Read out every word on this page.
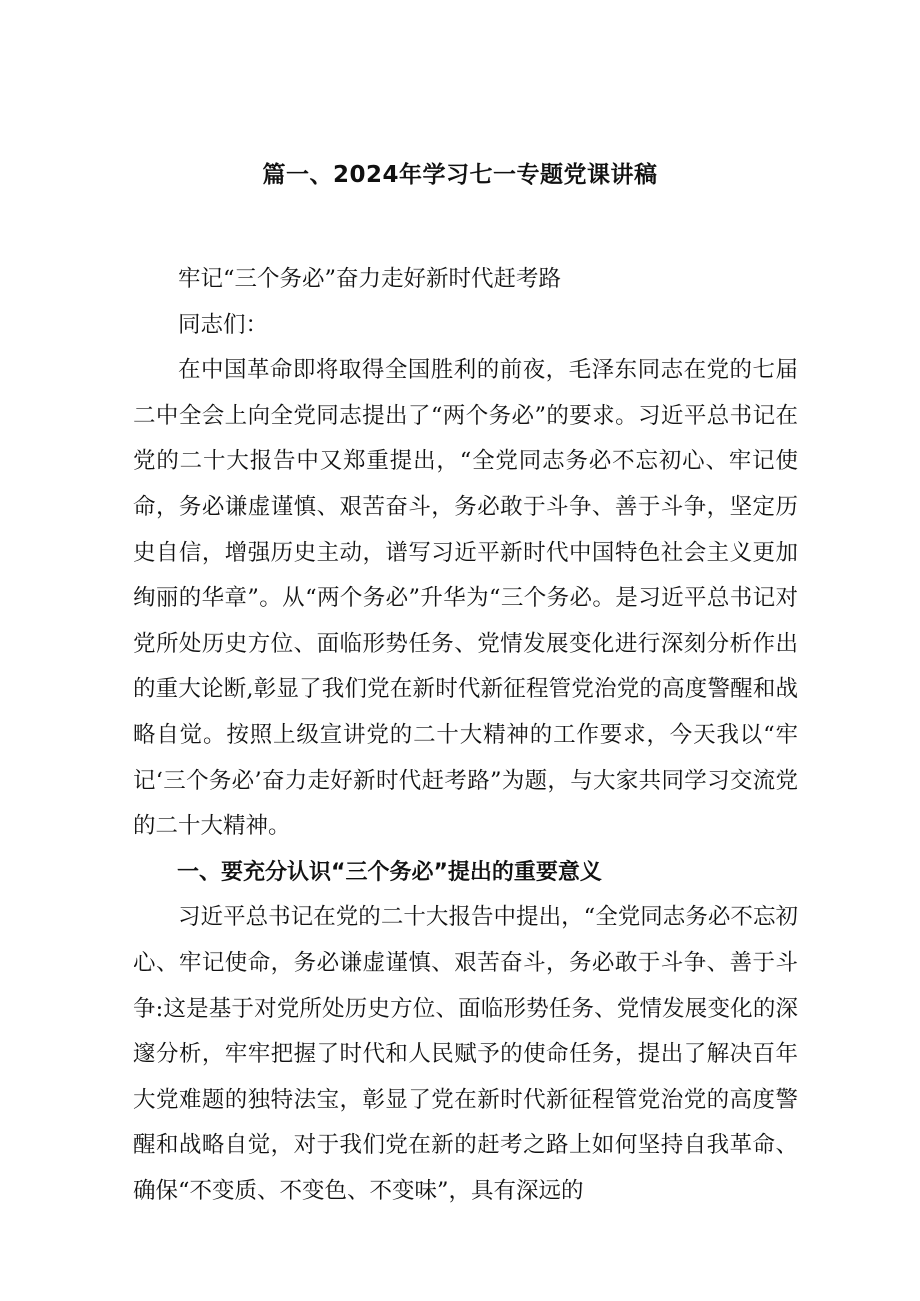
篇一、2024年学习七一专题党课讲稿

牢记“三个务必”奋力走好新时代赶考路

同志们：

在中国革命即将取得全国胜利的前夜，毛泽东同志在党的七届二中全会上向全党同志提出了“两个务必”的要求。习近平总书记在党的二十大报告中又郑重提出，“全党同志务必不忘初心、牢记使命，务必谦虚谨慎、艰苦奋斗，务必敢于斗争、善于斗争，坚定历史自信，增强历史主动，谱写习近平新时代中国特色社会主义更加绚丽的华章”。从“两个务必”升华为“三个务必。是习近平总书记对党所处历史方位、面临形势任务、党情发展变化进行深刻分析作出的重大论断,彰显了我们党在新时代新征程管党治党的高度警醒和战略自觉。按照上级宣讲党的二十大精神的工作要求，今天我以“牢记‘三个务必’奋力走好新时代赶考路”为题，与大家共同学习交流党的二十大精神。

一、要充分认识“三个务必”提出的重要意义

习近平总书记在党的二十大报告中提出，“全党同志务必不忘初心、牢记使命，务必谦虚谨慎、艰苦奋斗，务必敢于斗争、善于斗争:这是基于对党所处历史方位、面临形势任务、党情发展变化的深邃分析，牢牢把握了时代和人民赋予的使命任务，提出了解决百年大党难题的独特法宝，彰显了党在新时代新征程管党治党的高度警醒和战略自觉，对于我们党在新的赶考之路上如何坚持自我革命、确保“不变质、不变色、不变味”，具有深远的
